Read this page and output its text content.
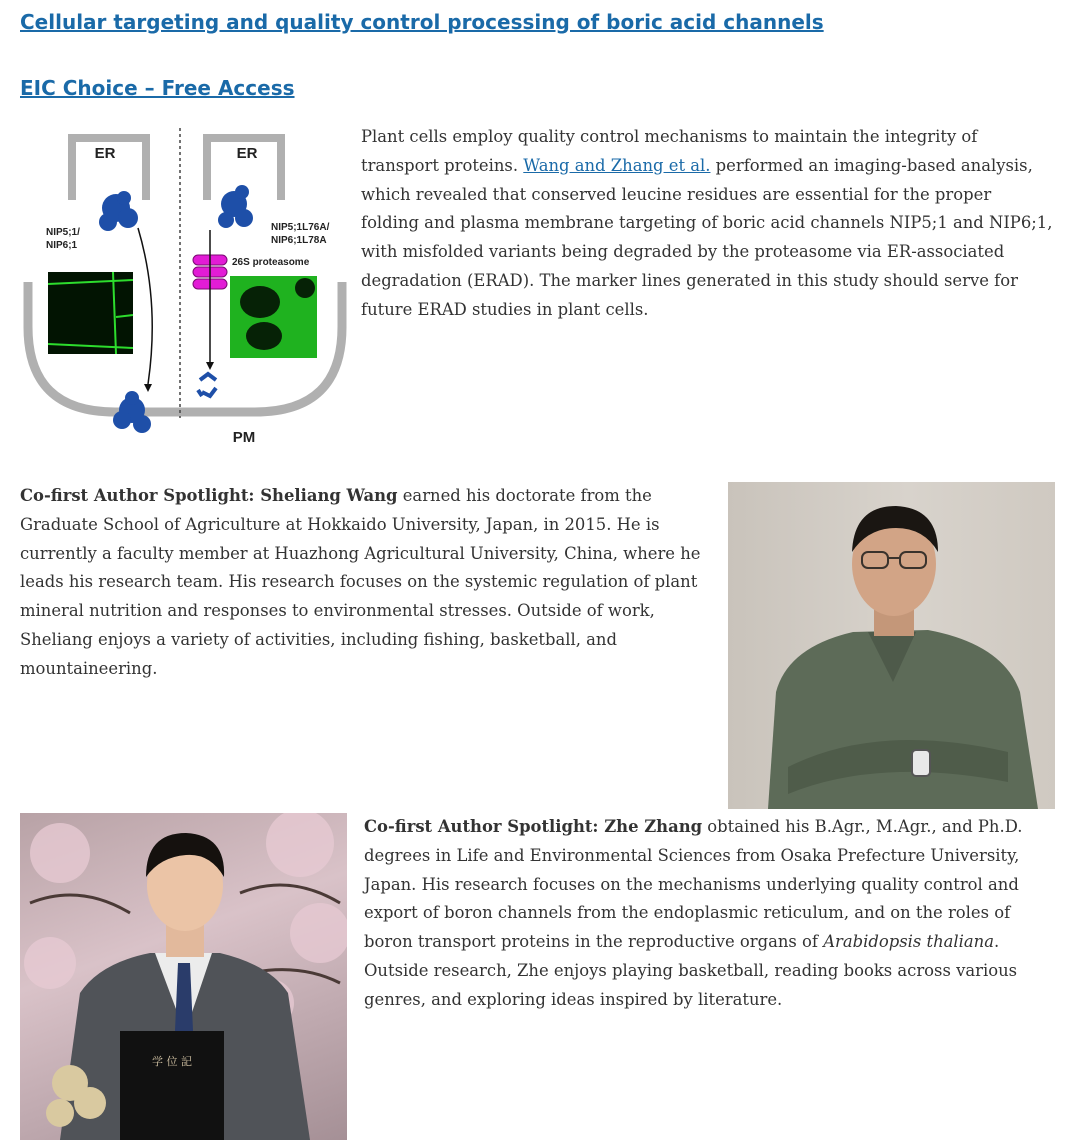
Cellular targeting and quality control processing of boric acid channels
EIC Choice – Free Access
ER	ER
NIP5;1/
NIP6;1
NIP5;1L76A/
NIP6;1L78A
26S proteasome
PM

Plant cells employ quality control mechanisms to maintain the integrity of transport proteins. Wang and Zhang et al. performed an imaging-based analysis, which revealed that conserved leucine residues are essential for the proper folding and plasma membrane targeting of boric acid channels NIP5;1 and NIP6;1, with misfolded variants being degraded by the proteasome via ER-associated degradation (ERAD). The marker lines generated in this study should serve for future ERAD studies in plant cells.

Co-first Author Spotlight: Sheliang Wang earned his doctorate from the Graduate School of Agriculture at Hokkaido University, Japan, in 2015. He is currently a faculty member at Huazhong Agricultural University, China, where he leads his research team. His research focuses on the systemic regulation of plant mineral nutrition and responses to environmental stresses. Outside of work, Sheliang enjoys a variety of activities, including fishing, basketball, and mountaineering.

学 位 記

Co-first Author Spotlight: Zhe Zhang obtained his B.Agr., M.Agr., and Ph.D. degrees in Life and Environmental Sciences from Osaka Prefecture University, Japan. His research focuses on the mechanisms underlying quality control and export of boron channels from the endoplasmic reticulum, and on the roles of boron transport proteins in the reproductive organs of Arabidopsis thaliana. Outside research, Zhe enjoys playing basketball, reading books across various genres, and exploring ideas inspired by literature.
